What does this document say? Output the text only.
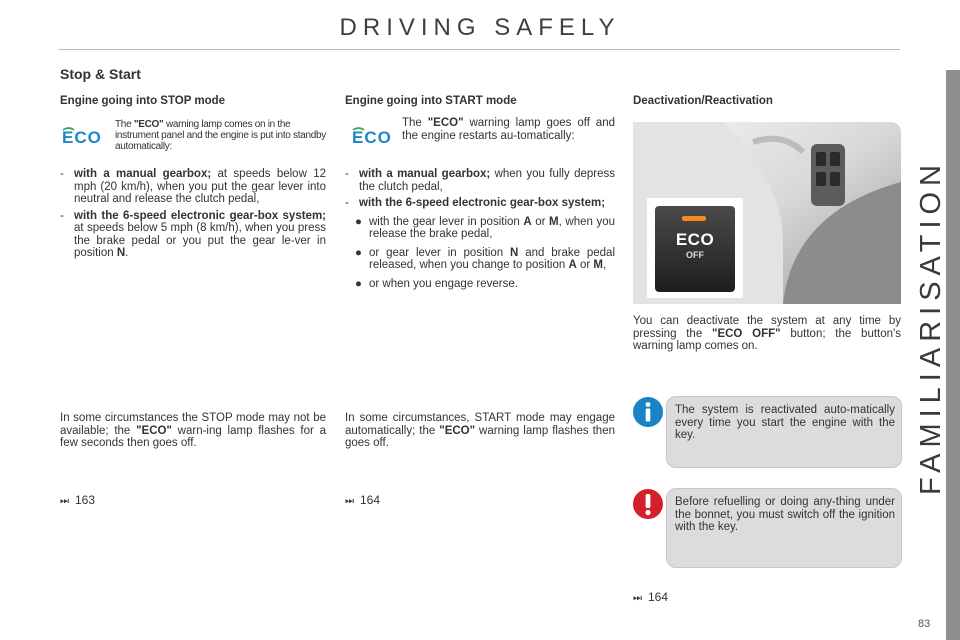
DRIVING SAFELY
FAMILIARISATION
83
Stop & Start
Engine going into STOP mode
ECO
The "ECO" warning lamp comes on in the instrument panel and the engine is put into standby automatically:
- with a manual gearbox; at speeds below 12 mph (20 km/h), when you put the gear lever into neutral and release the clutch pedal,
- with the 6-speed electronic gear-box system; at speeds below 5 mph (8 km/h), when you press the brake pedal or you put the gear le-ver in position N.
In some circumstances the STOP mode may not be available; the "ECO" warn-ing lamp flashes for a few seconds then goes off.
⏭ 163
Engine going into START mode
ECO
The "ECO" warning lamp goes off and the engine restarts au-tomatically:
- with a manual gearbox; when you fully depress the clutch pedal,
- with the 6-speed electronic gear-box system;
● with the gear lever in position A or M, when you release the brake pedal,
● or gear lever in position N and brake pedal released, when you change to position A or M,
● or when you engage reverse.
In some circumstances, START mode may engage automatically; the "ECO" warning lamp flashes then goes off.
⏭ 164
Deactivation/Reactivation
ECO
OFF
You can deactivate the system at any time by pressing the "ECO OFF" button; the button's warning lamp comes on.
The system is reactivated auto-matically every time you start the engine with the key.
Before refuelling or doing any-thing under the bonnet, you must switch off the ignition with the key.
⏭ 164
